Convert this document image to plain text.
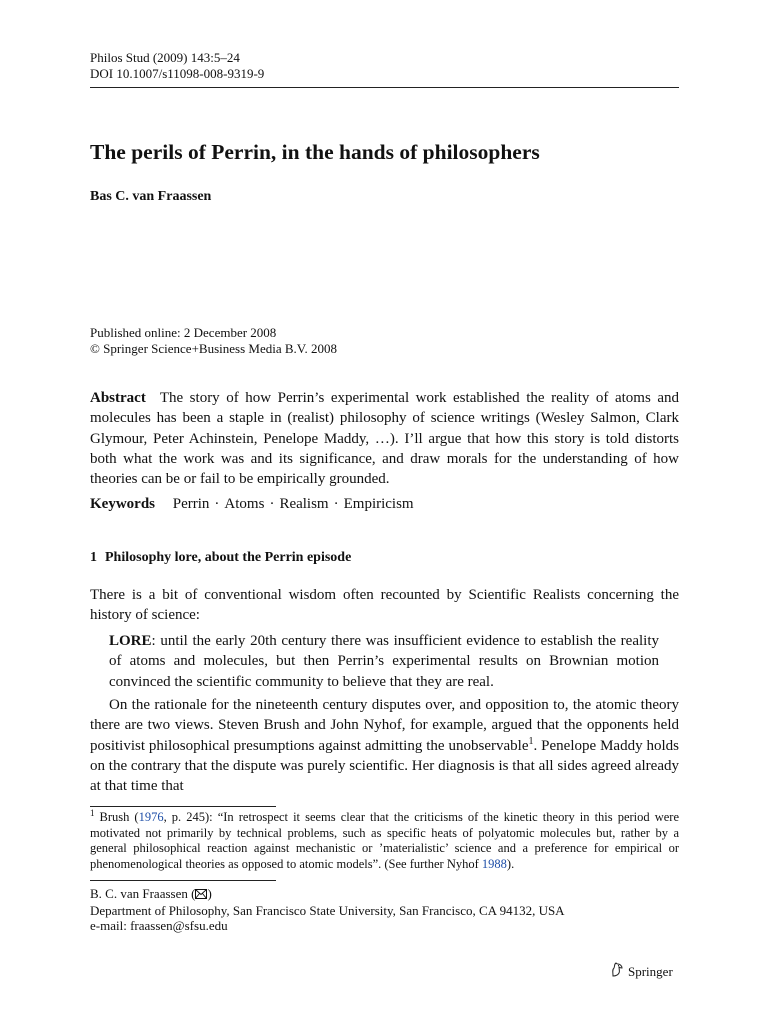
Philos Stud (2009) 143:5–24
DOI 10.1007/s11098-008-9319-9
The perils of Perrin, in the hands of philosophers
Bas C. van Fraassen
Published online: 2 December 2008
© Springer Science+Business Media B.V. 2008
Abstract The story of how Perrin’s experimental work established the reality of atoms and molecules has been a staple in (realist) philosophy of science writings (Wesley Salmon, Clark Glymour, Peter Achinstein, Penelope Maddy, …). I’ll argue that how this story is told distorts both what the work was and its significance, and draw morals for the understanding of how theories can be or fail to be empirically grounded.
Keywords Perrin · Atoms · Realism · Empiricism
1 Philosophy lore, about the Perrin episode
There is a bit of conventional wisdom often recounted by Scientific Realists concerning the history of science:
LORE: until the early 20th century there was insufficient evidence to establish the reality of atoms and molecules, but then Perrin’s experimental results on Brownian motion convinced the scientific community to believe that they are real.
On the rationale for the nineteenth century disputes over, and opposition to, the atomic theory there are two views. Steven Brush and John Nyhof, for example, argued that the opponents held positivist philosophical presumptions against admitting the unobservable$^1$. Penelope Maddy holds on the contrary that the dispute was purely scientific. Her diagnosis is that all sides agreed already at that time that
$^1$ Brush (1976, p. 245): “In retrospect it seems clear that the criticisms of the kinetic theory in this period were motivated not primarily by technical problems, such as specific heats of polyatomic molecules but, rather by a general philosophical reaction against mechanistic or ’materialistic’ science and a preference for empirical or phenomenological theories as opposed to atomic models”. (See further Nyhof 1988).
B. C. van Fraassen ( )
Department of Philosophy, San Francisco State University, San Francisco, CA 94132, USA
e-mail: fraassen@sfsu.edu
Springer
